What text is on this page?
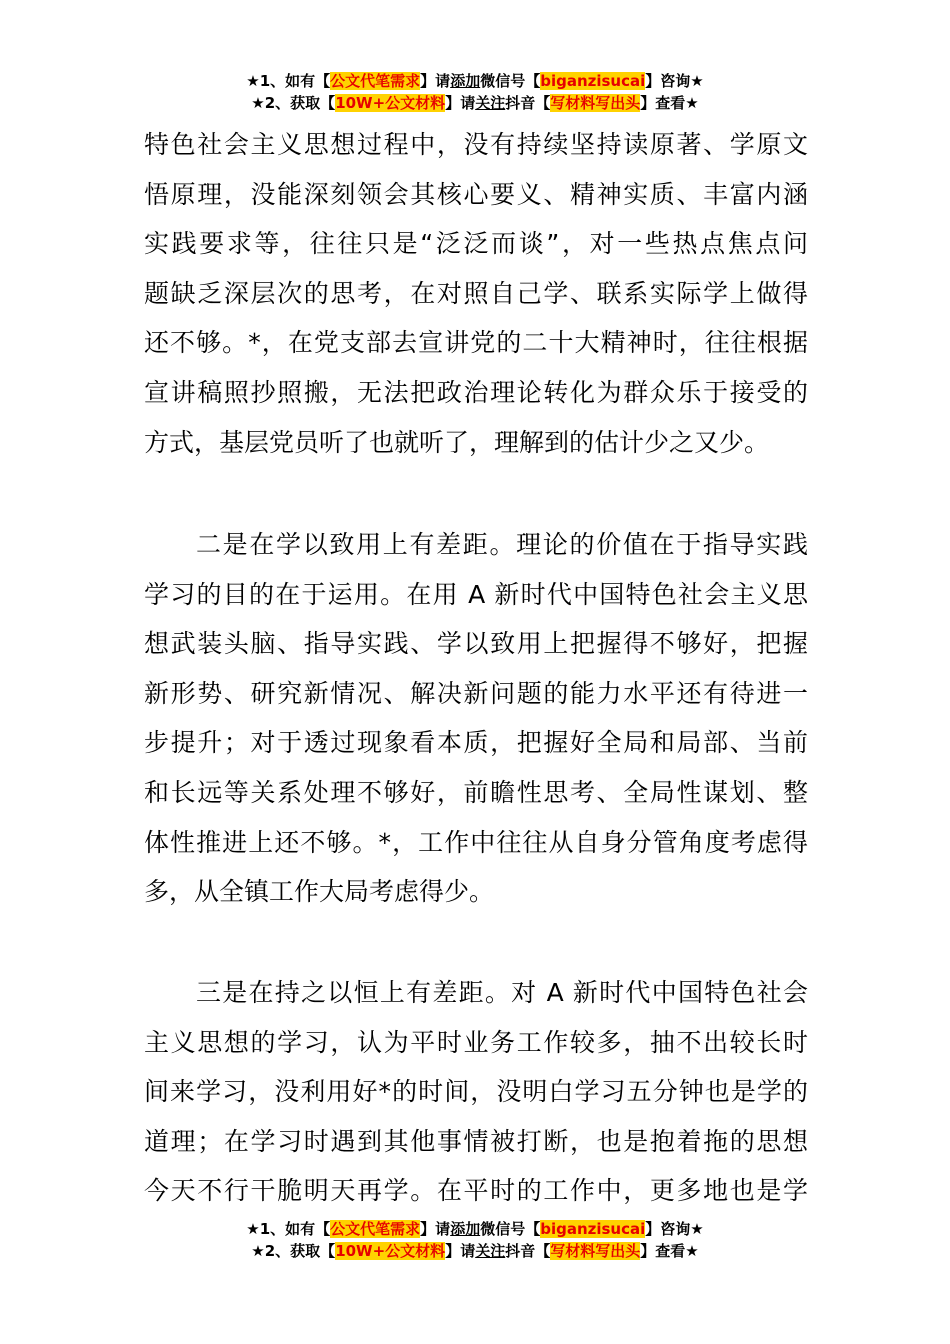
★1、如有【公文代笔需求】请添加微信号【biganzisucai】咨询★
★2、获取【10W+公文材料】请关注抖音【写材料写出头】查看★
特色社会主义思想过程中，没有持续坚持读原著、学原文
悟原理，没能深刻领会其核心要义、精神实质、丰富内涵
实践要求等，往往只是“泛泛而谈”，对一些热点焦点问
题缺乏深层次的思考，在对照自己学、联系实际学上做得
还不够。*，在党支部去宣讲党的二十大精神时，往往根据
宣讲稿照抄照搬，无法把政治理论转化为群众乐于接受的
方式，基层党员听了也就听了，理解到的估计少之又少。
二是在学以致用上有差距。理论的价值在于指导实践
学习的目的在于运用。在用 A 新时代中国特色社会主义思
想武装头脑、指导实践、学以致用上把握得不够好，把握
新形势、研究新情况、解决新问题的能力水平还有待进一
步提升；对于透过现象看本质，把握好全局和局部、当前
和长远等关系处理不够好，前瞻性思考、全局性谋划、整
体性推进上还不够。*，工作中往往从自身分管角度考虑得
多，从全镇工作大局考虑得少。
三是在持之以恒上有差距。对 A 新时代中国特色社会
主义思想的学习，认为平时业务工作较多，抽不出较长时
间来学习，没利用好*的时间，没明白学习五分钟也是学的
道理；在学习时遇到其他事情被打断，也是抱着拖的思想
今天不行干脆明天再学。在平时的工作中，更多地也是学
★1、如有【公文代笔需求】请添加微信号【biganzisucai】咨询★
★2、获取【10W+公文材料】请关注抖音【写材料写出头】查看★
